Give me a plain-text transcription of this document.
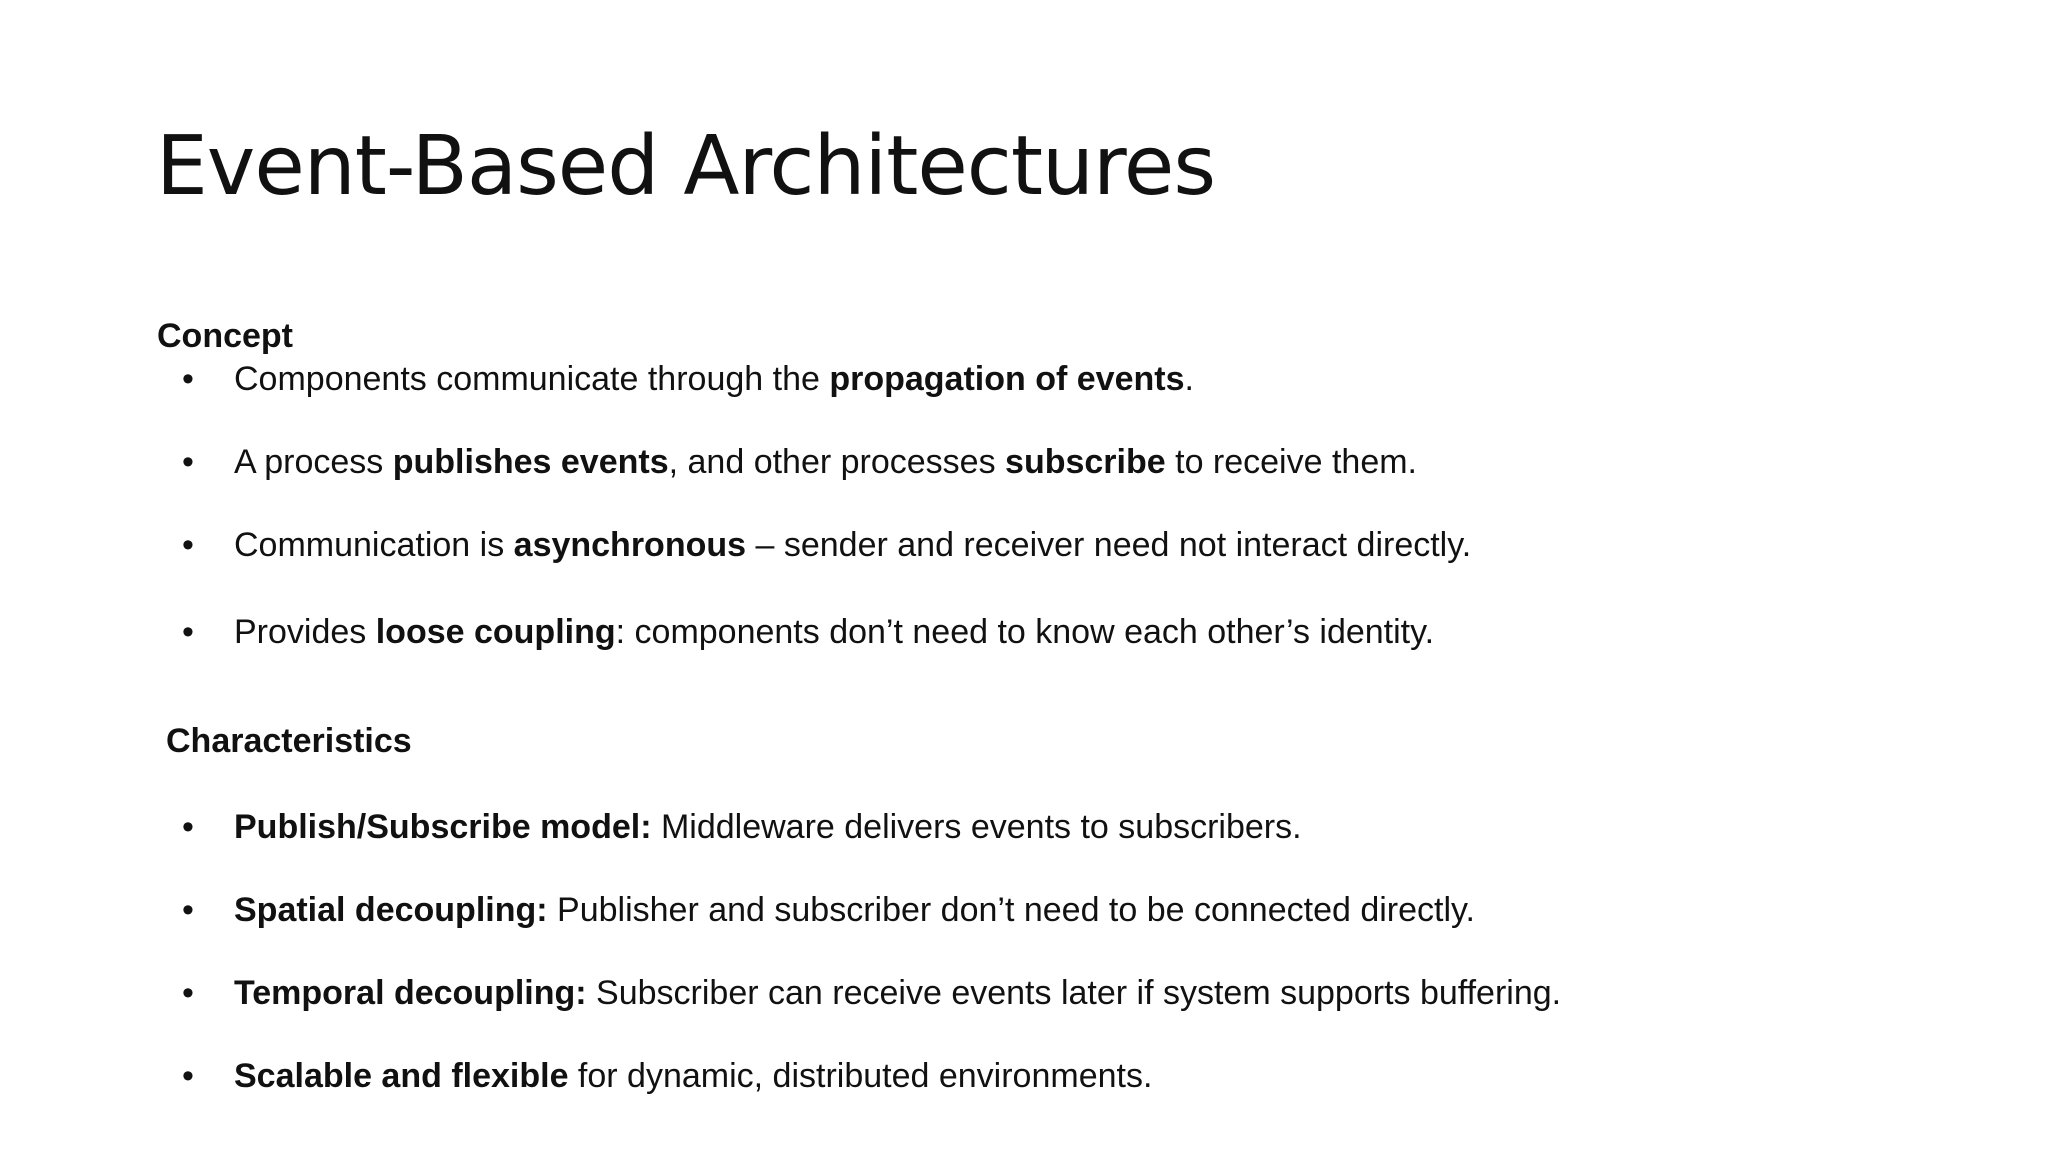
Event-Based Architectures
Concept
• Components communicate through the propagation of events.
• A process publishes events, and other processes subscribe to receive them.
• Communication is asynchronous – sender and receiver need not interact directly.
• Provides loose coupling: components don’t need to know each other’s identity.
Characteristics
• Publish/Subscribe model: Middleware delivers events to subscribers.
• Spatial decoupling: Publisher and subscriber don’t need to be connected directly.
• Temporal decoupling: Subscriber can receive events later if system supports buffering.
• Scalable and flexible for dynamic, distributed environments.
